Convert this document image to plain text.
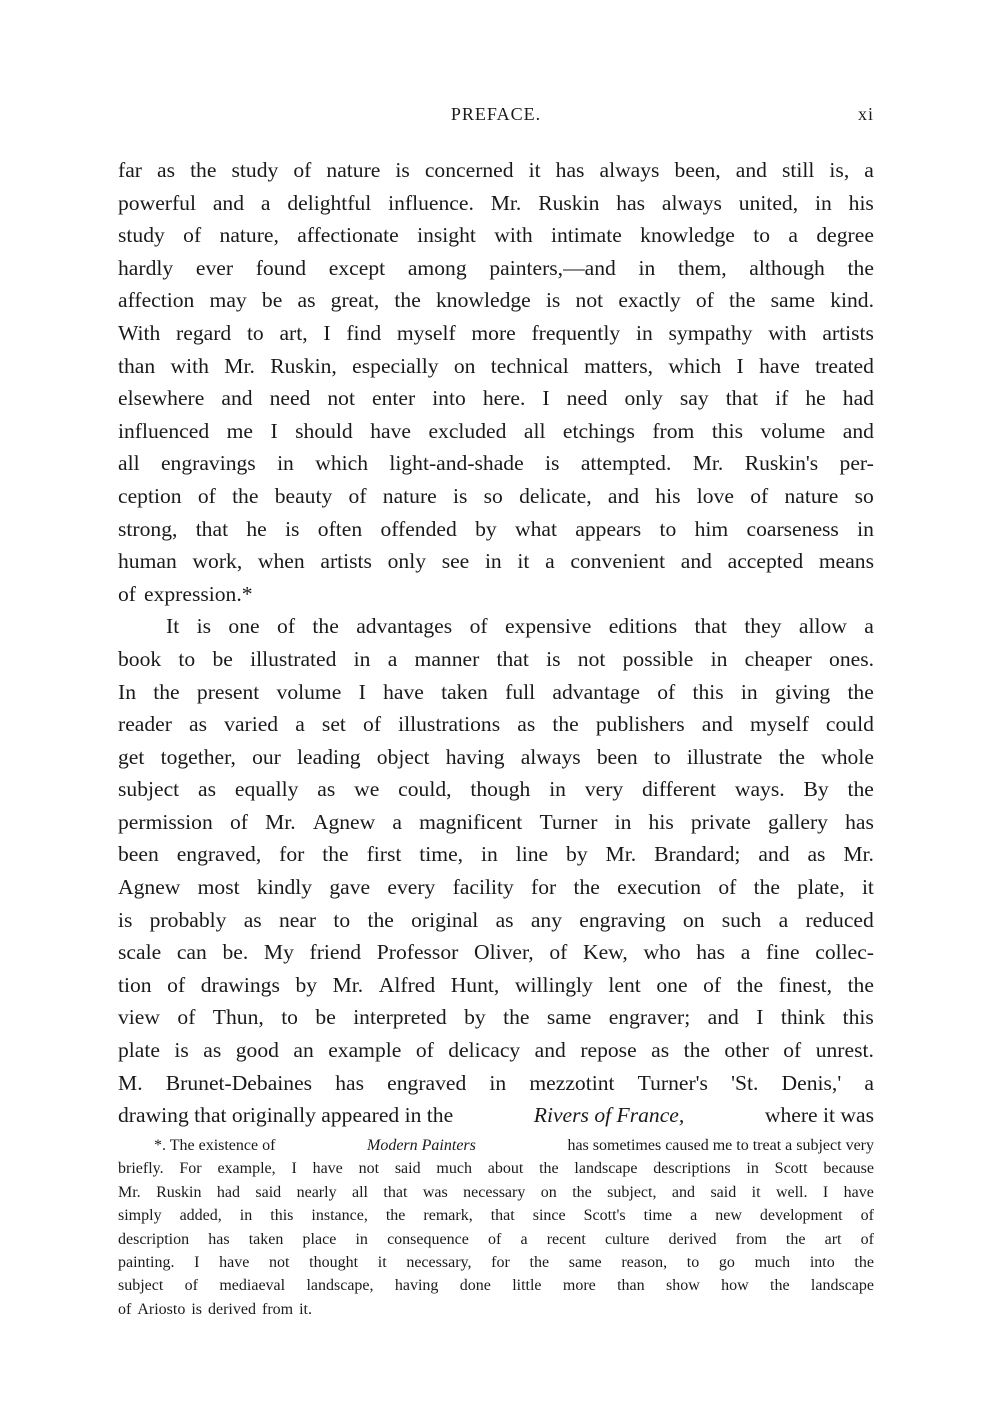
PREFACE.	xi
far as the study of nature is concerned it has always been, and still is, a
powerful and a delightful influence. Mr. Ruskin has always united, in his
study of nature, affectionate insight with intimate knowledge to a degree
hardly ever found except among painters,—and in them, although the
affection may be as great, the knowledge is not exactly of the same kind.
With regard to art, I find myself more frequently in sympathy with artists
than with Mr. Ruskin, especially on technical matters, which I have treated
elsewhere and need not enter into here. I need only say that if he had
influenced me I should have excluded all etchings from this volume and
all engravings in which light-and-shade is attempted. Mr. Ruskin's per-
ception of the beauty of nature is so delicate, and his love of nature so
strong, that he is often offended by what appears to him coarseness in
human work, when artists only see in it a convenient and accepted means
of expression.*
It is one of the advantages of expensive editions that they allow a
book to be illustrated in a manner that is not possible in cheaper ones.
In the present volume I have taken full advantage of this in giving the
reader as varied a set of illustrations as the publishers and myself could
get together, our leading object having always been to illustrate the whole
subject as equally as we could, though in very different ways. By the
permission of Mr. Agnew a magnificent Turner in his private gallery has
been engraved, for the first time, in line by Mr. Brandard; and as Mr.
Agnew most kindly gave every facility for the execution of the plate, it
is probably as near to the original as any engraving on such a reduced
scale can be. My friend Professor Oliver, of Kew, who has a fine collec-
tion of drawings by Mr. Alfred Hunt, willingly lent one of the finest, the
view of Thun, to be interpreted by the same engraver; and I think this
plate is as good an example of delicacy and repose as the other of unrest.
M. Brunet-Debaines has engraved in mezzotint Turner's 'St. Denis,' a
drawing that originally appeared in the	Rivers of France,	where it was
*. The existence of	Modern Painters	has sometimes caused me to treat a subject very
briefly. For example, I have not said much about the landscape descriptions in Scott because
Mr. Ruskin had said nearly all that was necessary on the subject, and said it well. I have
simply added, in this instance, the remark, that since Scott's time a new development of
description has taken place in consequence of a recent culture derived from the art of
painting. I have not thought it necessary, for the same reason, to go much into the
subject of mediaeval landscape, having done little more than show how the landscape
of Ariosto is derived from it.
